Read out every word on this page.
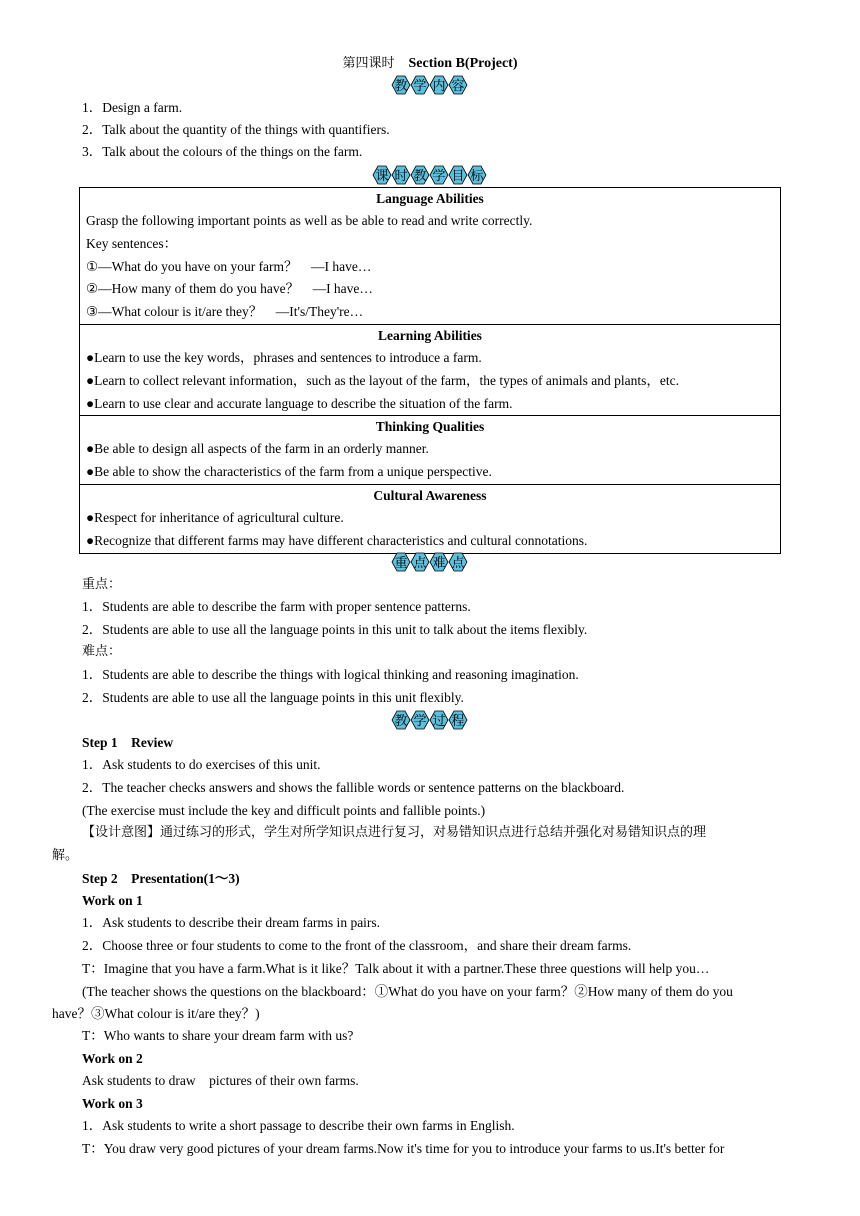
第四课时 Section B(Project)
教 学 内 容
1．Design a farm.
2．Talk about the quantity of the things with quantifiers.
3．Talk about the colours of the things on the farm.
课 时 教 学 目 标
Language Abilities
Grasp the following important points as well as be able to read and write correctly.
Key sentences：
①—What do you have on your farm？　—I have…
②—How many of them do you have？　—I have…
③—What colour is it/are they？　—It's/They're…

Learning Abilities
●Learn to use the key words，phrases and sentences to introduce a farm.
●Learn to collect relevant information，such as the layout of the farm，the types of animals and plants，etc.
●Learn to use clear and accurate language to describe the situation of the farm.

Thinking Qualities
●Be able to design all aspects of the farm in an orderly manner.
●Be able to show the characteristics of the farm from a unique perspective.

Cultural Awareness
●Respect for inheritance of agricultural culture.
●Recognize that different farms may have different characteristics and cultural connotations.
重 点 难 点
重点：
1．Students are able to describe the farm with proper sentence patterns.
2．Students are able to use all the language points in this unit to talk about the items flexibly.
难点：
1．Students are able to describe the things with logical thinking and reasoning imagination.
2．Students are able to use all the language points in this unit flexibly.
教 学 过 程
Step 1　Review
1．Ask students to do exercises of this unit.
2．The teacher checks answers and shows the fallible words or sentence patterns on the blackboard.
(The exercise must include the key and difficult points and fallible points.)
【设计意图】通过练习的形式，学生对所学知识点进行复习，对易错知识点进行总结并强化对易错知识点的理
解。
Step 2　Presentation(1～3)
Work on 1
1．Ask students to describe their dream farms in pairs.
2．Choose three or four students to come to the front of the classroom，and share their dream farms.
T：Imagine that you have a farm.What is it like？Talk about it with a partner.These three questions will help you…
(The teacher shows the questions on the blackboard：①What do you have on your farm？②How many of them do you
have？③What colour is it/are they？)
T：Who wants to share your dream farm with us?
Work on 2
Ask students to draw　pictures of their own farms.
Work on 3
1．Ask students to write a short passage to describe their own farms in English.
T：You draw very good pictures of your dream farms.Now it's time for you to introduce your farms to us.It's better for
